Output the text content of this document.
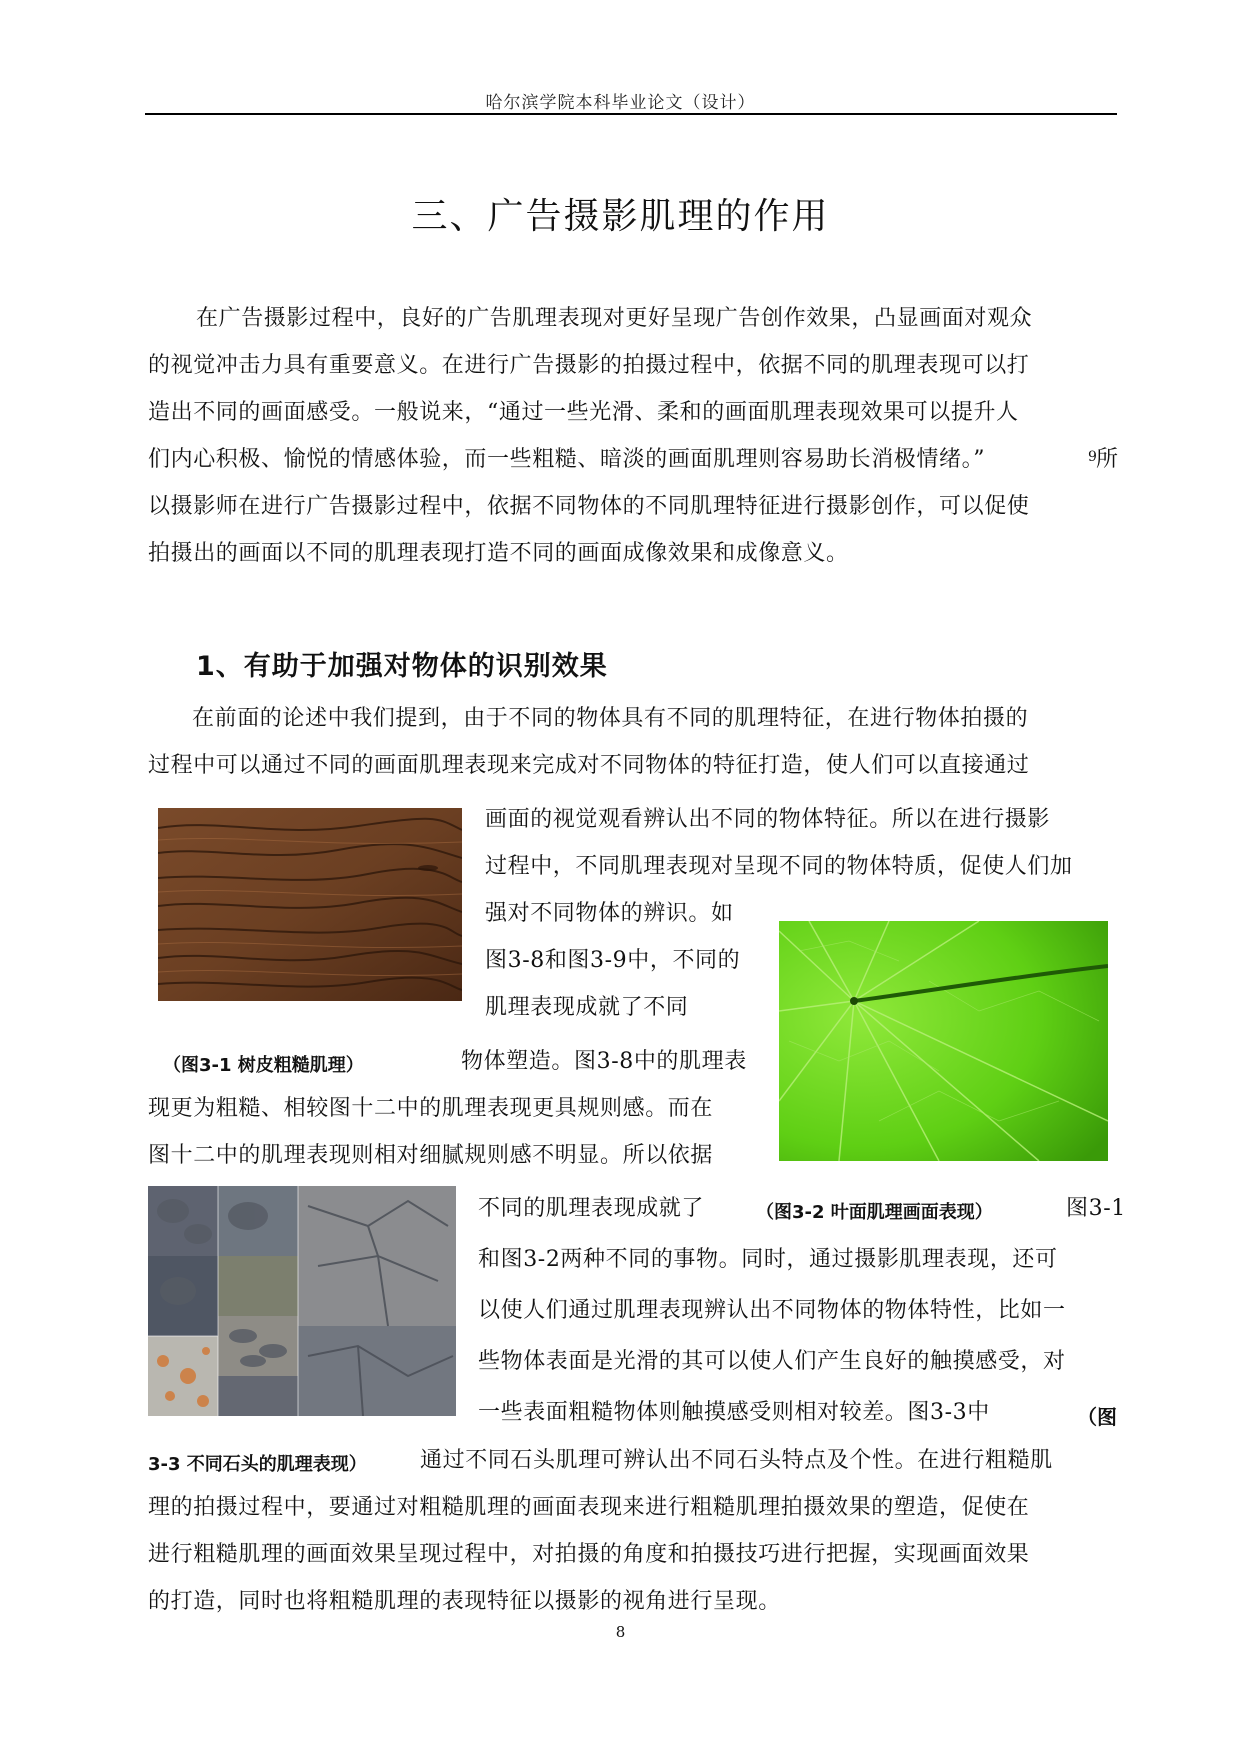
哈尔滨学院本科毕业论文（设计）
三、广告摄影肌理的作用
在广告摄影过程中，良好的广告肌理表现对更好呈现广告创作效果，凸显画面对观众
的视觉冲击力具有重要意义。在进行广告摄影的拍摄过程中，依据不同的肌理表现可以打
造出不同的画面感受。一般说来，“通过一些光滑、柔和的画面肌理表现效果可以提升人
们内心积极、愉悦的情感体验，而一些粗糙、暗淡的画面肌理则容易助长消极情绪。”	9
所
以摄影师在进行广告摄影过程中，依据不同物体的不同肌理特征进行摄影创作，可以促使
拍摄出的画面以不同的肌理表现打造不同的画面成像效果和成像意义。
1、有助于加强对物体的识别效果
在前面的论述中我们提到，由于不同的物体具有不同的肌理特征，在进行物体拍摄的
过程中可以通过不同的画面肌理表现来完成对不同物体的特征打造，使人们可以直接通过
画面的视觉观看辨认出不同的物体特征。所以在进行摄影
过程中，不同肌理表现对呈现不同的物体特质，促使人们加
强对不同物体的辨识。如
图3-8和图3-9中，不同的
肌理表现成就了不同
（图3-1 树皮粗糙肌理）	物体塑造。图3-8中的肌理表
现更为粗糙、相较图十二中的肌理表现更具规则感。而在
图十二中的肌理表现则相对细腻规则感不明显。所以依据
不同的肌理表现成就了	（图3-2 叶面肌理画面表现）	图3-1
和图3-2两种不同的事物。同时，通过摄影肌理表现，还可
以使人们通过肌理表现辨认出不同物体的物体特性，比如一
些物体表面是光滑的其可以使人们产生良好的触摸感受，对
一些表面粗糙物体则触摸感受则相对较差。图3-3中	（图
3-3 不同石头的肌理表现） 通过不同石头肌理可辨认出不同石头特点及个性。在进行粗糙肌
理的拍摄过程中，要通过对粗糙肌理的画面表现来进行粗糙肌理拍摄效果的塑造，促使在
进行粗糙肌理的画面效果呈现过程中，对拍摄的角度和拍摄技巧进行把握，实现画面效果
的打造，同时也将粗糙肌理的表现特征以摄影的视角进行呈现。
8
